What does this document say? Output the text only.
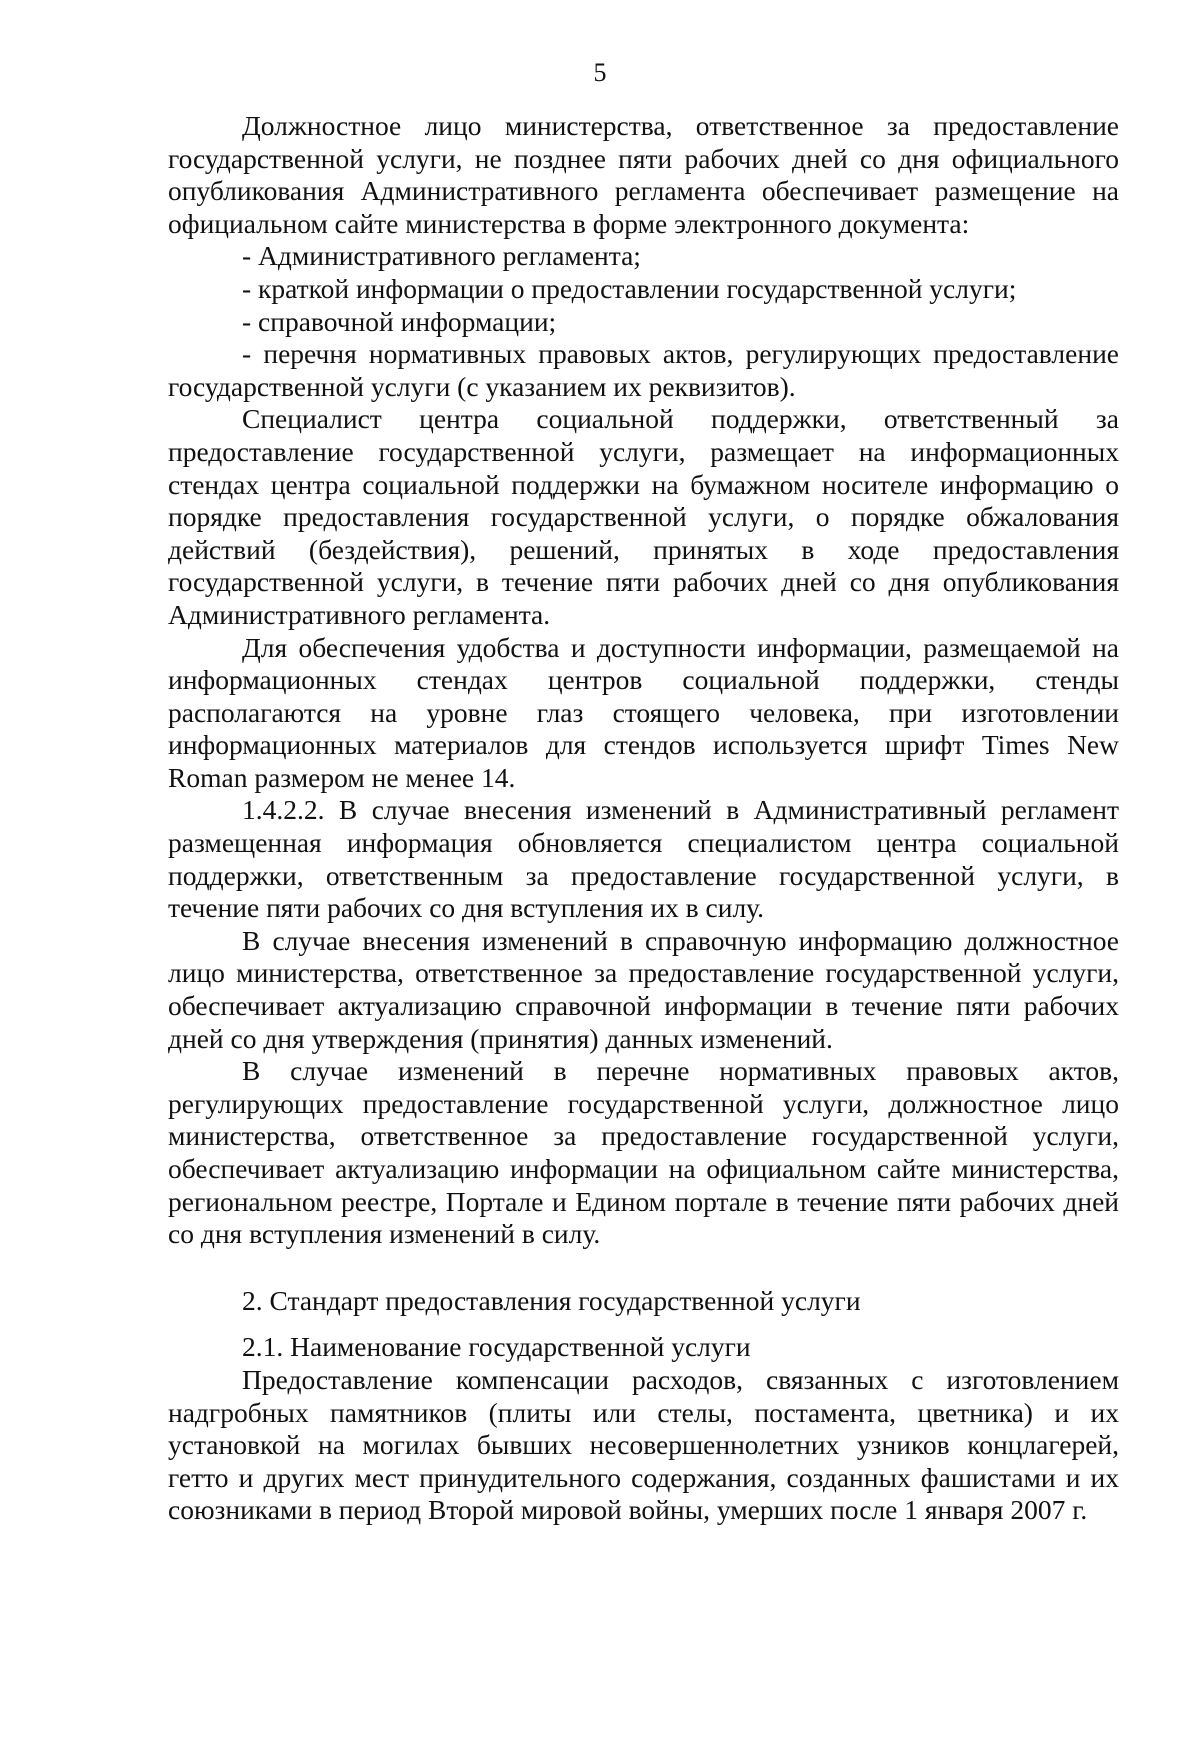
5

Должностное лицо министерства, ответственное за предоставление государственной услуги, не позднее пяти рабочих дней со дня официального опубликования Административного регламента обеспечивает размещение на официальном сайте министерства в форме электронного документа:

- Административного регламента;

- краткой информации о предоставлении государственной услуги;

- справочной информации;

- перечня нормативных правовых актов, регулирующих предоставление государственной услуги (с указанием их реквизитов).

Специалист центра социальной поддержки, ответственный за предоставление государственной услуги, размещает на информационных стендах центра социальной поддержки на бумажном носителе информацию о порядке предоставления государственной услуги, о порядке обжалования действий (бездействия), решений, принятых в ходе предоставления государственной услуги, в течение пяти рабочих дней со дня опубликования Административного регламента.

Для обеспечения удобства и доступности информации, размещаемой на информационных стендах центров социальной поддержки, стенды располагаются на уровне глаз стоящего человека, при изготовлении информационных материалов для стендов используется шрифт Times New Roman размером не менее 14.

1.4.2.2. В случае внесения изменений в Административный регламент размещенная информация обновляется специалистом центра социальной поддержки, ответственным за предоставление государственной услуги, в течение пяти рабочих со дня вступления их в силу.

В случае внесения изменений в справочную информацию должностное лицо министерства, ответственное за предоставление государственной услуги, обеспечивает актуализацию справочной информации в течение пяти рабочих дней со дня утверждения (принятия) данных изменений.

В случае изменений в перечне нормативных правовых актов, регулирующих предоставление государственной услуги, должностное лицо министерства, ответственное за предоставление государственной услуги, обеспечивает актуализацию информации на официальном сайте министерства, региональном реестре, Портале и Едином портале в течение пяти рабочих дней со дня вступления изменений в силу.

2. Стандарт предоставления государственной услуги

2.1. Наименование государственной услуги

Предоставление компенсации расходов, связанных с изготовлением надгробных памятников (плиты или стелы, постамента, цветника) и их установкой на могилах бывших несовершеннолетних узников концлагерей, гетто и других мест принудительного содержания, созданных фашистами и их союзниками в период Второй мировой войны, умерших после 1 января 2007 г.
